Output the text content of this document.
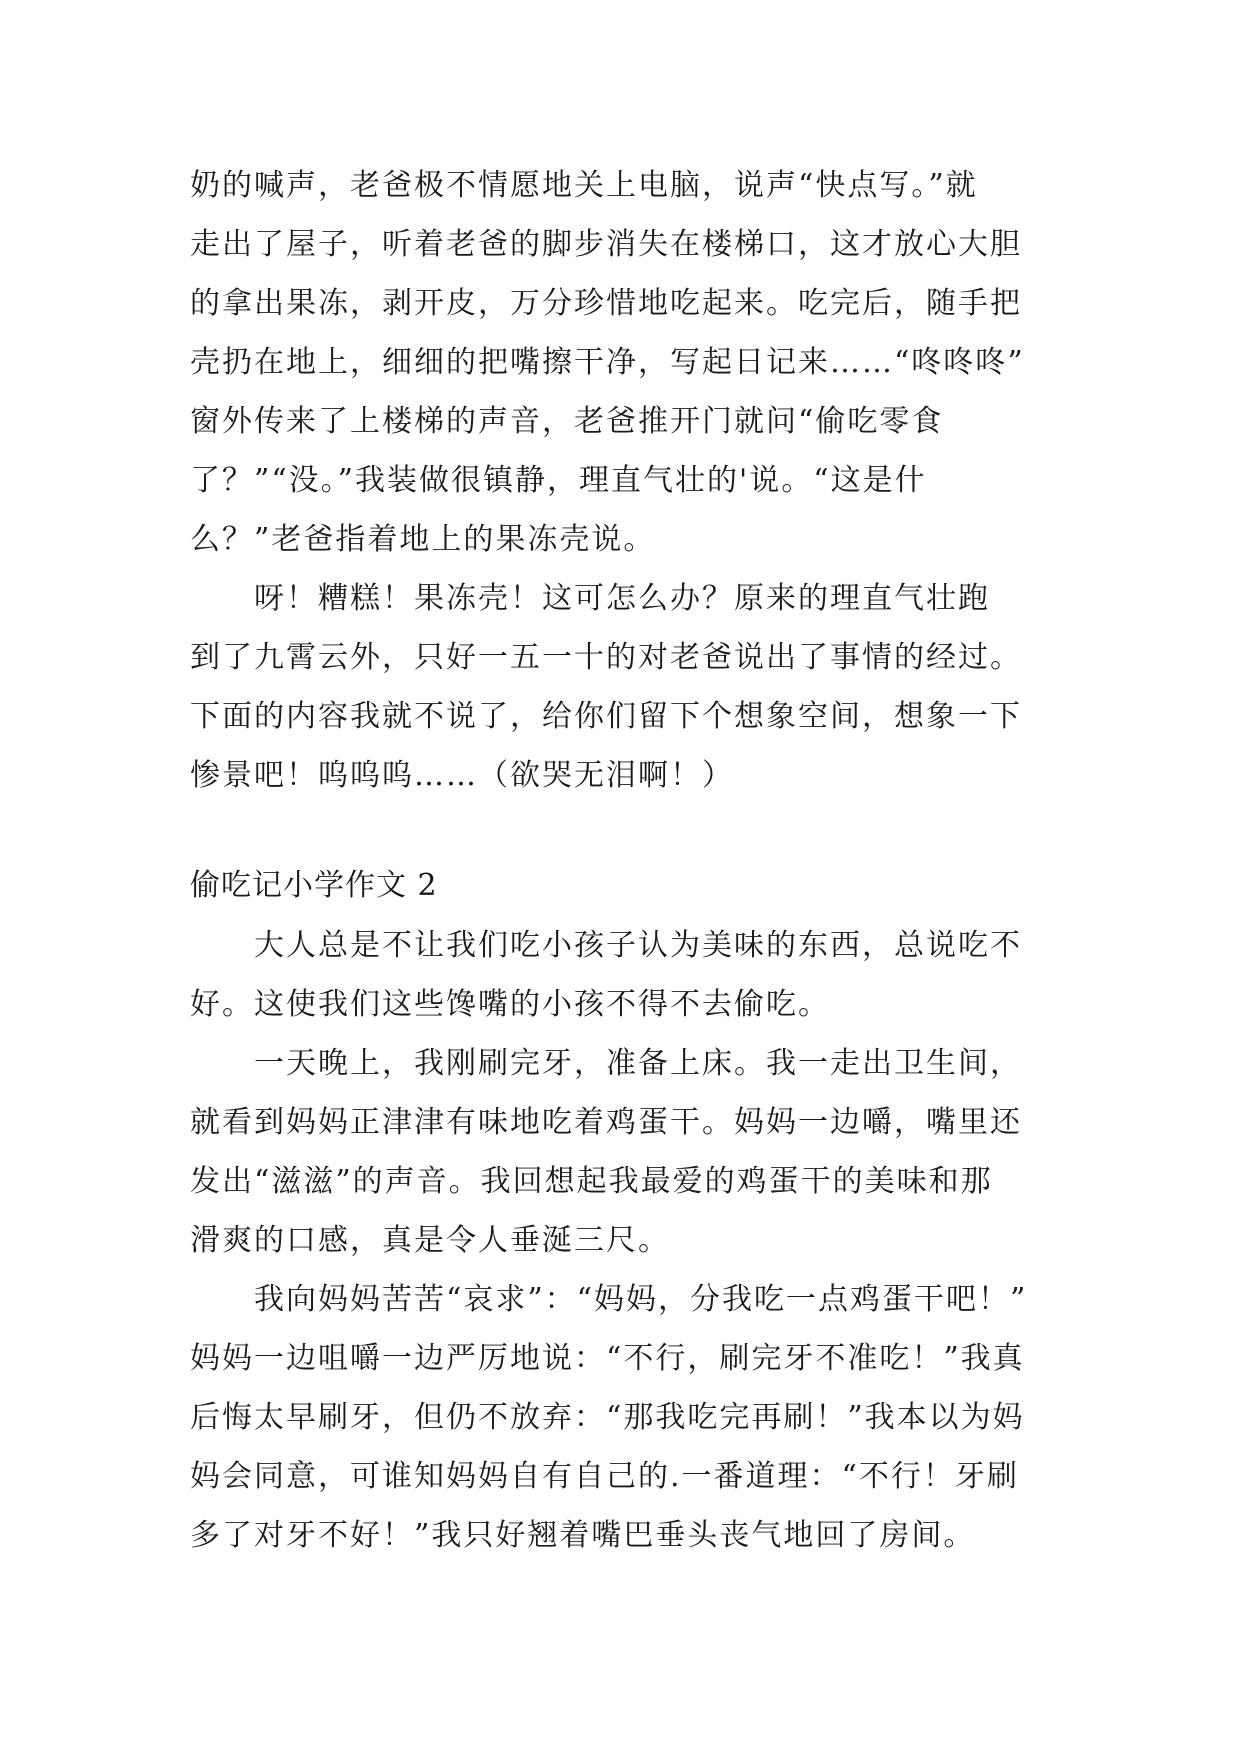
奶的喊声，老爸极不情愿地关上电脑，说声“快点写。”就
走出了屋子，听着老爸的脚步消失在楼梯口，这才放心大胆
的拿出果冻，剥开皮，万分珍惜地吃起来。吃完后，随手把
壳扔在地上，细细的把嘴擦干净，写起日记来……“咚咚咚”
窗外传来了上楼梯的声音，老爸推开门就问“偷吃零食
了？”“没。”我装做很镇静，理直气壮的'说。“这是什
么？”老爸指着地上的果冻壳说。
呀！糟糕！果冻壳！这可怎么办？原来的理直气壮跑
到了九霄云外，只好一五一十的对老爸说出了事情的经过。
下面的内容我就不说了，给你们留下个想象空间，想象一下
惨景吧！呜呜呜……（欲哭无泪啊！）
偷吃记小学作文 2
大人总是不让我们吃小孩子认为美味的东西，总说吃不
好。这使我们这些馋嘴的小孩不得不去偷吃。
一天晚上，我刚刷完牙，准备上床。我一走出卫生间，
就看到妈妈正津津有味地吃着鸡蛋干。妈妈一边嚼，嘴里还
发出“滋滋”的声音。我回想起我最爱的鸡蛋干的美味和那
滑爽的口感，真是令人垂涎三尺。
我向妈妈苦苦“哀求”：“妈妈，分我吃一点鸡蛋干吧！”
妈妈一边咀嚼一边严厉地说：“不行，刷完牙不准吃！”我真
后悔太早刷牙，但仍不放弃：“那我吃完再刷！”我本以为妈
妈会同意，可谁知妈妈自有自己的.一番道理：“不行！牙刷
多了对牙不好！”我只好翘着嘴巴垂头丧气地回了房间。
